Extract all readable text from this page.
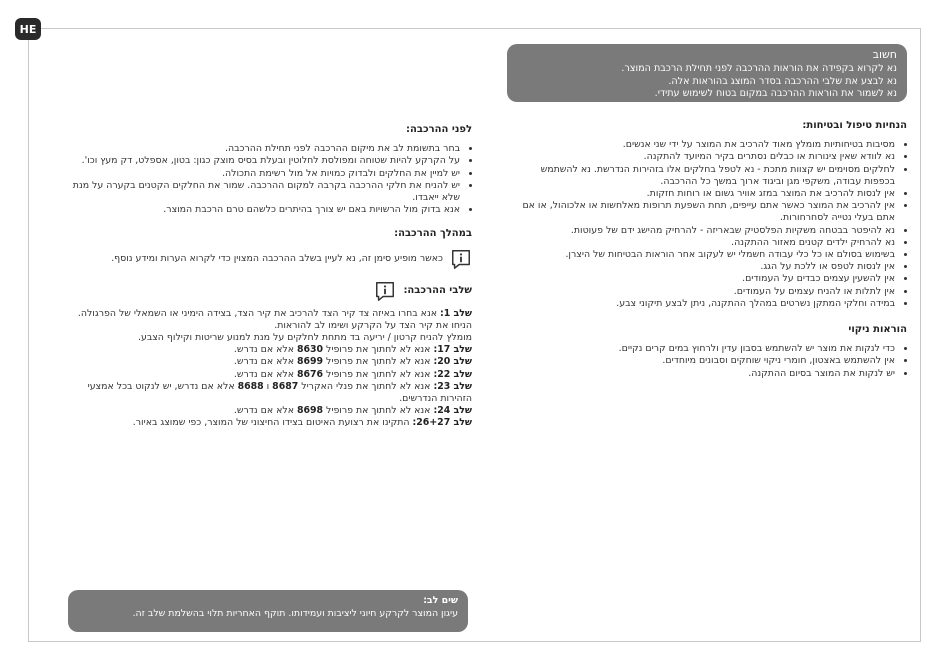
HE
חשוב
נא לקרוא בקפידה את הוראות ההרכבה לפני תחילת הרכבת המוצר.
נא לבצע את שלבי ההרכבה בסדר המוצג בהוראות אלה.
נא לשמור את הוראות ההרכבה במקום בטוח לשימוש עתידי.
הנחיות טיפול ובטיחות:
• מסיבות בטיחותיות מומלץ מאוד להרכיב את המוצר על ידי שני אנשים.
• נא לוודא שאין צינורות או כבלים נסתרים בקיר המיועד להתקנה.
• לחלקים מסוימים יש קצוות מתכת - נא לטפל בחלקים אלו בזהירות הנדרשת. נא להשתמש בכפפות עבודה, משקפי מגן וביגוד ארוך במשך כל ההרכבה.
• אין לנסות להרכיב את המוצר במזג אוויר גשום או רוחות חזקות.
• אין להרכיב את המוצר כאשר אתם עייפים, תחת השפעת תרופות מאלחשות או אלכוהול, או אם אתם בעלי נטייה לסחרחורות.
• נא להיפטר בבטחה משקיות הפלסטיק שבאריזה - להרחיק מהישג ידם של פעוטות.
• נא להרחיק ילדים קטנים מאזור ההתקנה.
• בשימוש בסולם או כל כלי עבודה חשמלי יש לעקוב אחר הוראות הבטיחות של היצרן.
• אין לנסות לטפס או ללכת על הגג.
• אין להשעין עצמים כבדים על העמודים.
• אין לתלות או להניח עצמים על העמודים.
• במידה וחלקי המתקן נשרטים במהלך ההתקנה, ניתן לבצע תיקוני צבע.
הוראות ניקוי
• כדי לנקות את מוצר יש להשתמש בסבון עדין ולרחוץ במים קרים נקיים.
• אין להשתמש באצטון, חומרי ניקוי שוחקים וסבונים מיוחדים.
• יש לנקות את המוצר בסיום ההתקנה.
לפני ההרכבה:
• בחר בתשומת לב את מיקום ההרכבה לפני תחילת ההרכבה.
• על הקרקע להיות שטוחה ומפולסת לחלוטין ובעלת בסיס מוצק כגון: בטון, אספלט, דק מעץ וכו'.
• יש למיין את החלקים ולבדוק כמויות אל מול רשימת התכולה.
• יש להניח את חלקי ההרכבה בקרבה למקום ההרכבה. שמור את החלקים הקטנים בקערה על מנת שלא ייאבדו.
• אנא בדוק מול הרשויות באם יש צורך בהיתרים כלשהם טרם הרכבת המוצר.
במהלך ההרכבה:
כאשר מופיע סימן זה, נא לעיין בשלב ההרכבה המצוין כדי לקרוא הערות ומידע נוסף.
שלבי ההרכבה:

שלב 1: אנא בחרו באיזה צד קיר הצד להרכיב את קיר הצד, בצידה הימיני או השמאלי של הפרגולה.

הניחו את קיר הצד על הקרקע ושימו לב להוראות.

מומלץ להניח קרטון / יריעה בד מתחת לחלקים על מנת למנוע שריטות וקילוף הצבע.

שלב 17: אנא לא לחתוך את פרופיל 8630 אלא אם נדרש.

שלב 20: אנא לא לחתוך את פרופיל 8699 אלא אם נדרש.

שלב 22: אנא לא לחתוך את פרופיל 8676 אלא אם נדרש.

שלב 23: אנא לא לחתוך את פנלי האקריל 8687 ו 8688 אלא אם נדרש, יש לנקוט בכל אמצעי הזהירות הנדרשים.

שלב 24: אנא לא לחתוך את פרופיל 8698 אלא אם נדרש.

שלב 26+27: התקינו את רצועת האיטום בצידו החיצוני של המוצר, כפי שמוצג באיור.

שים לב:
עיגון המוצר לקרקע חיוני ליציבות ועמידותו. תוקף האחריות תלוי בהשלמת שלב זה.
